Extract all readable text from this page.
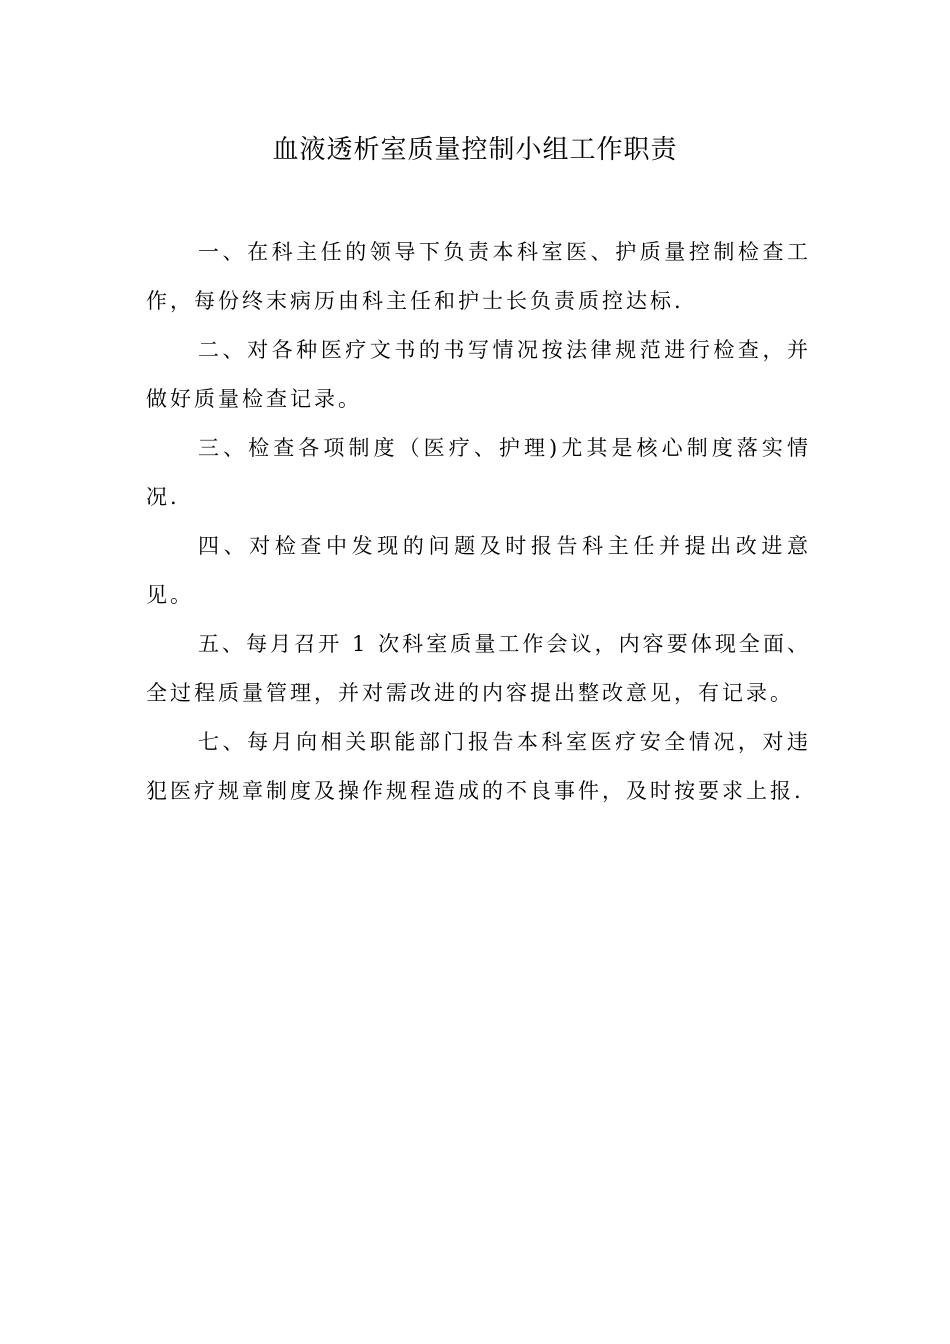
血液透析室质量控制小组工作职责

一、在科主任的领导下负责本科室医、护质量控制检查工作，每份终末病历由科主任和护士长负责质控达标.

二、对各种医疗文书的书写情况按法律规范进行检查，并做好质量检查记录。

三、检查各项制度（医疗、护理)尤其是核心制度落实情况.

四、对检查中发现的问题及时报告科主任并提出改进意见。

五、每月召开 1 次科室质量工作会议，内容要体现全面、全过程质量管理，并对需改进的内容提出整改意见，有记录。

七、每月向相关职能部门报告本科室医疗安全情况，对违犯医疗规章制度及操作规程造成的不良事件，及时按要求上报.
